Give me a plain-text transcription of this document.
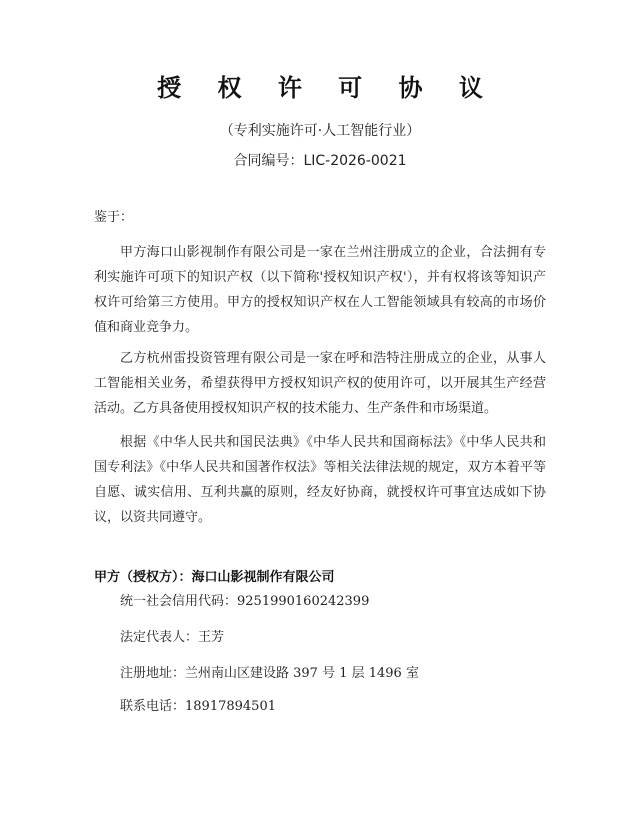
授 权 许 可 协 议
（专利实施许可·人工智能行业）
合同编号：LIC-2026-0021
鉴于：

甲方海口山影视制作有限公司是一家在兰州注册成立的企业，合法拥有专利实施许可项下的知识产权（以下简称'授权知识产权'），并有权将该等知识产权许可给第三方使用。甲方的授权知识产权在人工智能领域具有较高的市场价值和商业竞争力。

乙方杭州雷投资管理有限公司是一家在呼和浩特注册成立的企业，从事人工智能相关业务，希望获得甲方授权知识产权的使用许可，以开展其生产经营活动。乙方具备使用授权知识产权的技术能力、生产条件和市场渠道。

根据《中华人民共和国民法典》《中华人民共和国商标法》《中华人民共和国专利法》《中华人民共和国著作权法》等相关法律法规的规定，双方本着平等自愿、诚实信用、互利共赢的原则，经友好协商，就授权许可事宜达成如下协议，以资共同遵守。

甲方（授权方）：海口山影视制作有限公司
统一社会信用代码：9251990160242399
法定代表人：王芳
注册地址：兰州南山区建设路 397 号 1 层 1496 室
联系电话：18917894501
